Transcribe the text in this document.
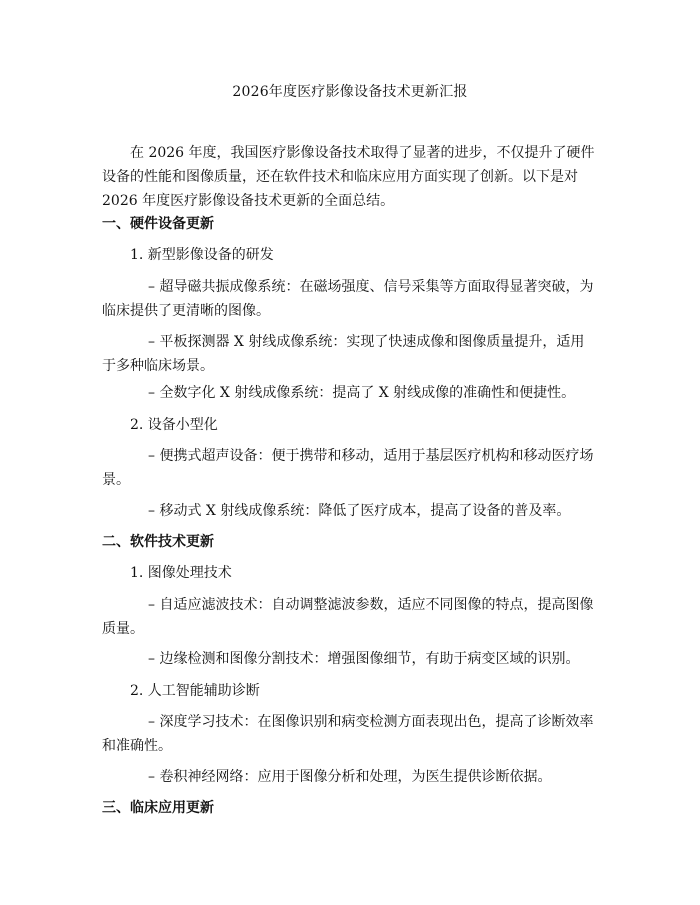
2026年度医疗影像设备技术更新汇报

在 2026 年度，我国医疗影像设备技术取得了显著的进步，不仅提升了硬件设备的性能和图像质量，还在软件技术和临床应用方面实现了创新。以下是对 2026 年度医疗影像设备技术更新的全面总结。

一、硬件设备更新

1. 新型影像设备的研发

– 超导磁共振成像系统：在磁场强度、信号采集等方面取得显著突破，为临床提供了更清晰的图像。

– 平板探测器 X 射线成像系统：实现了快速成像和图像质量提升，适用于多种临床场景。

– 全数字化 X 射线成像系统：提高了 X 射线成像的准确性和便捷性。

2. 设备小型化

– 便携式超声设备：便于携带和移动，适用于基层医疗机构和移动医疗场景。

– 移动式 X 射线成像系统：降低了医疗成本，提高了设备的普及率。

二、软件技术更新

1. 图像处理技术

– 自适应滤波技术：自动调整滤波参数，适应不同图像的特点，提高图像质量。

– 边缘检测和图像分割技术：增强图像细节，有助于病变区域的识别。

2. 人工智能辅助诊断

– 深度学习技术：在图像识别和病变检测方面表现出色，提高了诊断效率和准确性。

– 卷积神经网络：应用于图像分析和处理，为医生提供诊断依据。

三、临床应用更新
